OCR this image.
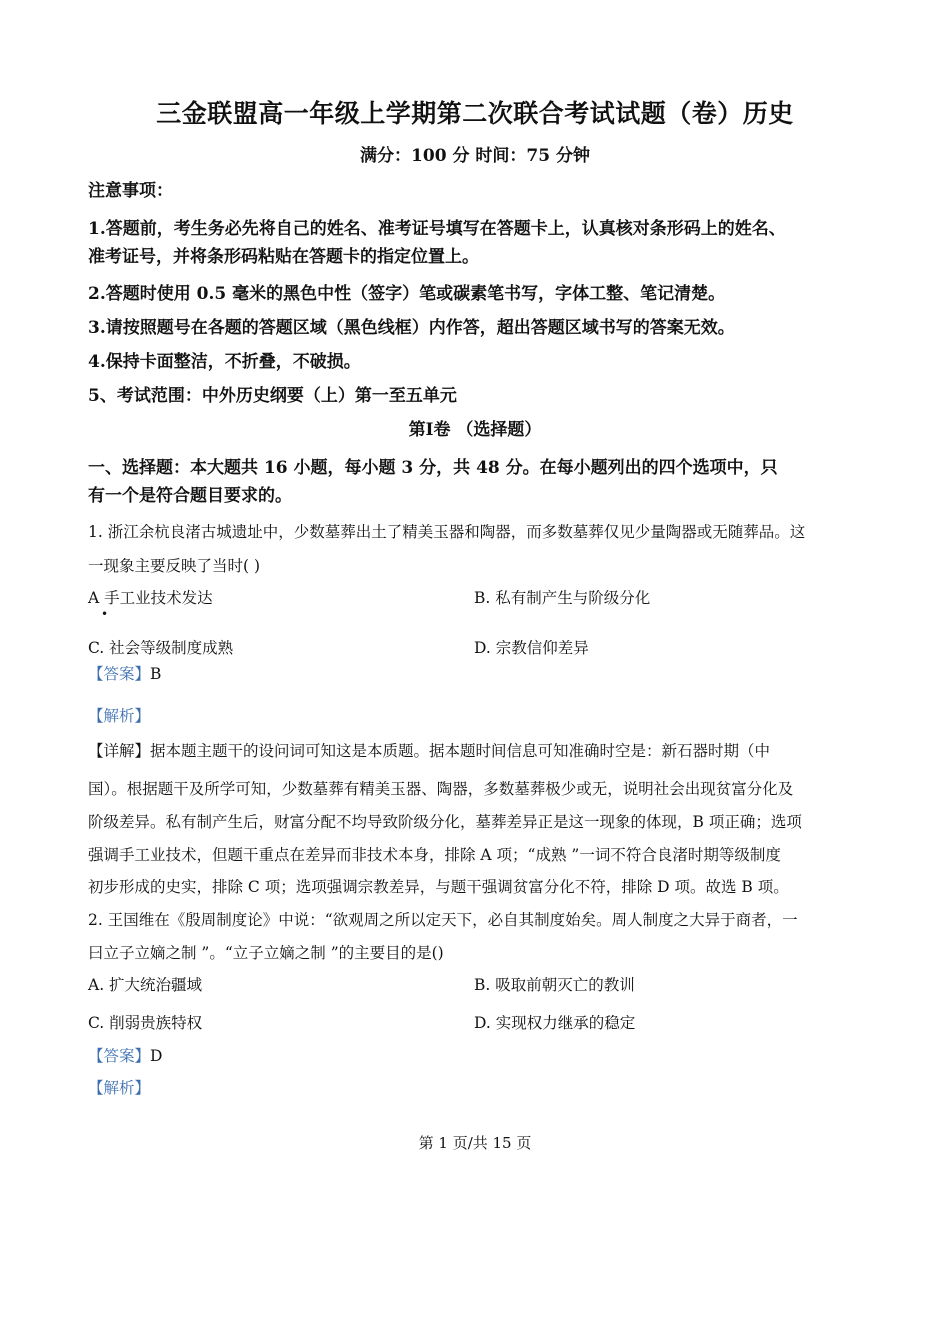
三金联盟高一年级上学期第二次联合考试试题（卷）历史
满分：100 分 时间：75 分钟
注意事项：
1.答题前，考生务必先将自己的姓名、准考证号填写在答题卡上，认真核对条形码上的姓名、
准考证号，并将条形码粘贴在答题卡的指定位置上。
2.答题时使用 0.5 毫米的黑色中性（签字）笔或碳素笔书写，字体工整、笔记清楚。
3.请按照题号在各题的答题区域（黑色线框）内作答，超出答题区域书写的答案无效。
4.保持卡面整洁，不折叠，不破损。
5、考试范围：中外历史纲要（上）第一至五单元
第Ⅰ卷 （选择题）
一、选择题：本大题共 16 小题，每小题 3 分，共 48 分。在每小题列出的四个选项中，只
有一个是符合题目要求的。
1. 浙江余杭良渚古城遗址中，少数墓葬出土了精美玉器和陶器，而多数墓葬仅见少量陶器或无随葬品。这
一现象主要反映了当时( )
A 手工业技术发达
•
B. 私有制产生与阶级分化
C. 社会等级制度成熟	D. 宗教信仰差异
【答案】B
【解析】
【详解】据本题主题干的设问词可知这是本质题。据本题时间信息可知准确时空是：新石器时期（中
国）。根据题干及所学可知，少数墓葬有精美玉器、陶器，多数墓葬极少或无，说明社会出现贫富分化及
阶级差异。私有制产生后，财富分配不均导致阶级分化，墓葬差异正是这一现象的体现，B 项正确；选项
强调手工业技术，但题干重点在差异而非技术本身，排除 A 项；“成熟 ”一词不符合良渚时期等级制度
初步形成的史实，排除 C 项；选项强调宗教差异，与题干强调贫富分化不符，排除 D 项。故选 B 项。
2. 王国维在《殷周制度论》中说：“欲观周之所以定天下，必自其制度始矣。周人制度之大异于商者，一
曰立子立嫡之制 ”。“立子立嫡之制 ”的主要目的是()
A. 扩大统治疆域	B. 吸取前朝灭亡的教训
C. 削弱贵族特权	D. 实现权力继承的稳定
【答案】D
【解析】
第 1 页/共 15 页
